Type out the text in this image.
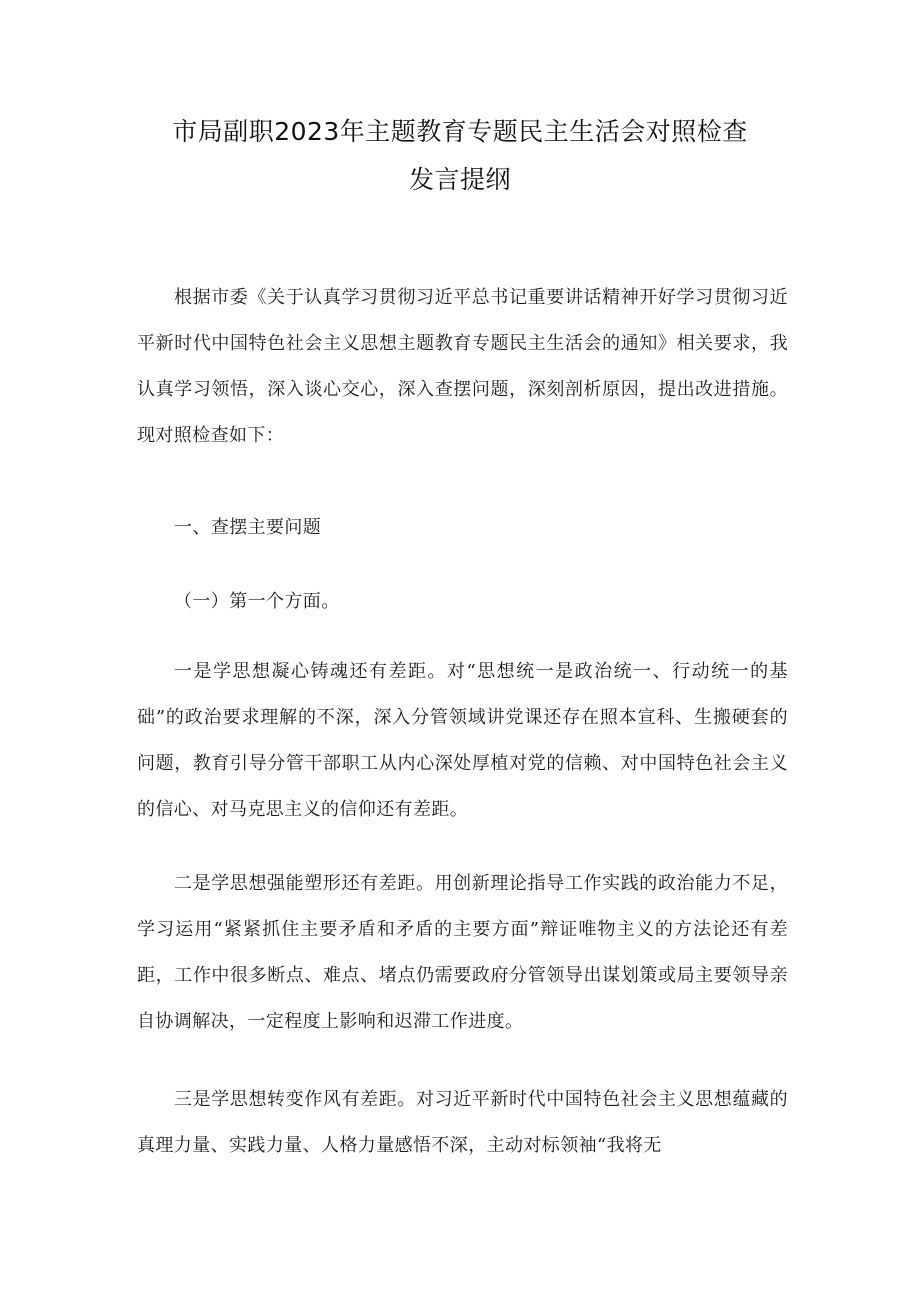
市局副职2023年主题教育专题民主生活会对照检查
发言提纲

根据市委《关于认真学习贯彻习近平总书记重要讲话精神开好学习贯彻习近平新时代中国特色社会主义思想主题教育专题民主生活会的通知》相关要求，我认真学习领悟，深入谈心交心，深入查摆问题，深刻剖析原因，提出改进措施。现对照检查如下：

一、查摆主要问题
（一）第一个方面。

一是学思想凝心铸魂还有差距。对“思想统一是政治统一、行动统一的基础”的政治要求理解的不深，深入分管领域讲党课还存在照本宣科、生搬硬套的问题，教育引导分管干部职工从内心深处厚植对党的信赖、对中国特色社会主义的信心、对马克思主义的信仰还有差距。

二是学思想强能塑形还有差距。用创新理论指导工作实践的政治能力不足，学习运用“紧紧抓住主要矛盾和矛盾的主要方面”辩证唯物主义的方法论还有差距，工作中很多断点、难点、堵点仍需要政府分管领导出谋划策或局主要领导亲自协调解决，一定程度上影响和迟滞工作进度。

三是学思想转变作风有差距。对习近平新时代中国特色社会主义思想蕴藏的真理力量、实践力量、人格力量感悟不深，主动对标领袖“我将无
